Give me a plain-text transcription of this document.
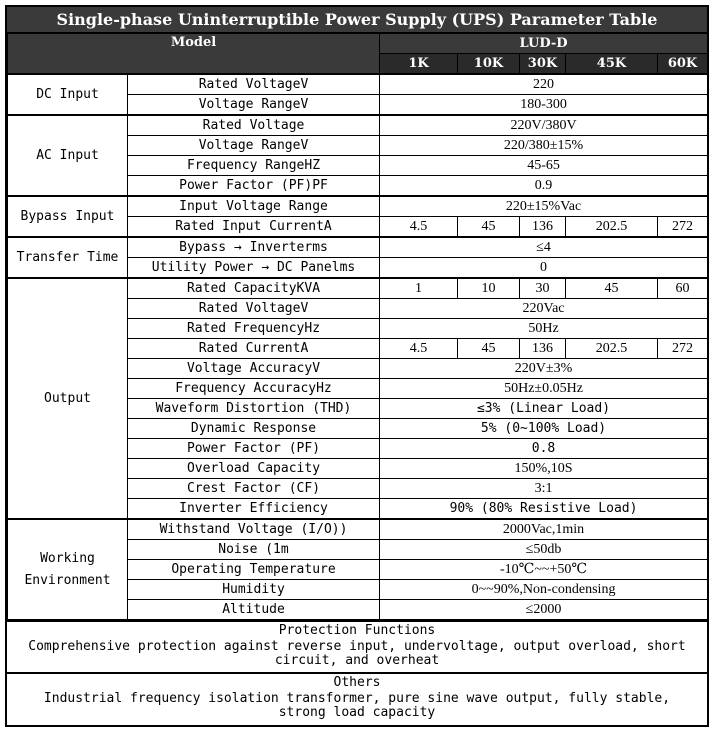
Single-phase Uninterruptible Power Supply (UPS) Parameter Table
Model		LUD-D				
		1K	10K	30K	45K	60K
DC Input	Rated VoltageV	220				
	Voltage RangeV	180-300				
AC Input	Rated Voltage	220V/380V				
	Voltage RangeV	220/380±15%				
	Frequency RangeHZ	45-65				
	Power Factor (PF)PF	0.9				
Bypass Input	Input Voltage Range	220±15%Vac				
	Rated Input CurrentA	4.5	45	136	202.5	272
Transfer Time	Bypass → Inverterms	≤4				
	Utility Power → DC Panelms	0				
Output	Rated CapacityKVA	1	10	30	45	60
	Rated VoltageV	220Vac				
	Rated FrequencyHz	50Hz				
	Rated CurrentA	4.5	45	136	202.5	272
	Voltage AccuracyV	220V±3%				
	Frequency AccuracyHz	50Hz±0.05Hz				
	Waveform Distortion (THD)	≤3% (Linear Load)				
	Dynamic Response	5% (0~100% Load)				
	Power Factor (PF)	0.8				
	Overload Capacity	150%,10S				
	Crest Factor (CF)	3:1				
	Inverter Efficiency	90% (80% Resistive Load)				

Working
Environment	Withstand Voltage (I/O))	2000Vac,1min				
	Noise (1m	≤50db				
	Operating Temperature	-10℃~~+50℃				
	Humidity	0~~90%,Non-condensing				
	Altitude	≤2000				
Protection Functions
Comprehensive protection against reverse input, undervoltage, output overload, short circuit, and overheat
Others
Industrial frequency isolation transformer, pure sine wave output, fully stable, strong load capacity
